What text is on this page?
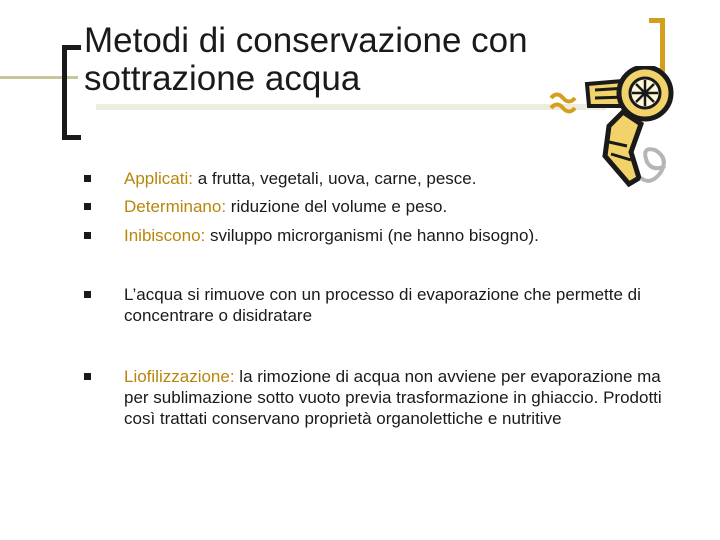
Metodi di conservazione con
sottrazione acqua
Applicati: a frutta, vegetali, uova, carne, pesce.
Determinano: riduzione del volume e peso.
Inibiscono: sviluppo microrganismi (ne hanno bisogno).
L’acqua si rimuove con un processo di evaporazione che permette di concentrare o disidratare
Liofilizzazione: la rimozione di acqua non avviene per evaporazione ma per sublimazione sotto vuoto previa trasformazione in ghiaccio. Prodotti così trattati conservano proprietà organolettiche e nutritive
